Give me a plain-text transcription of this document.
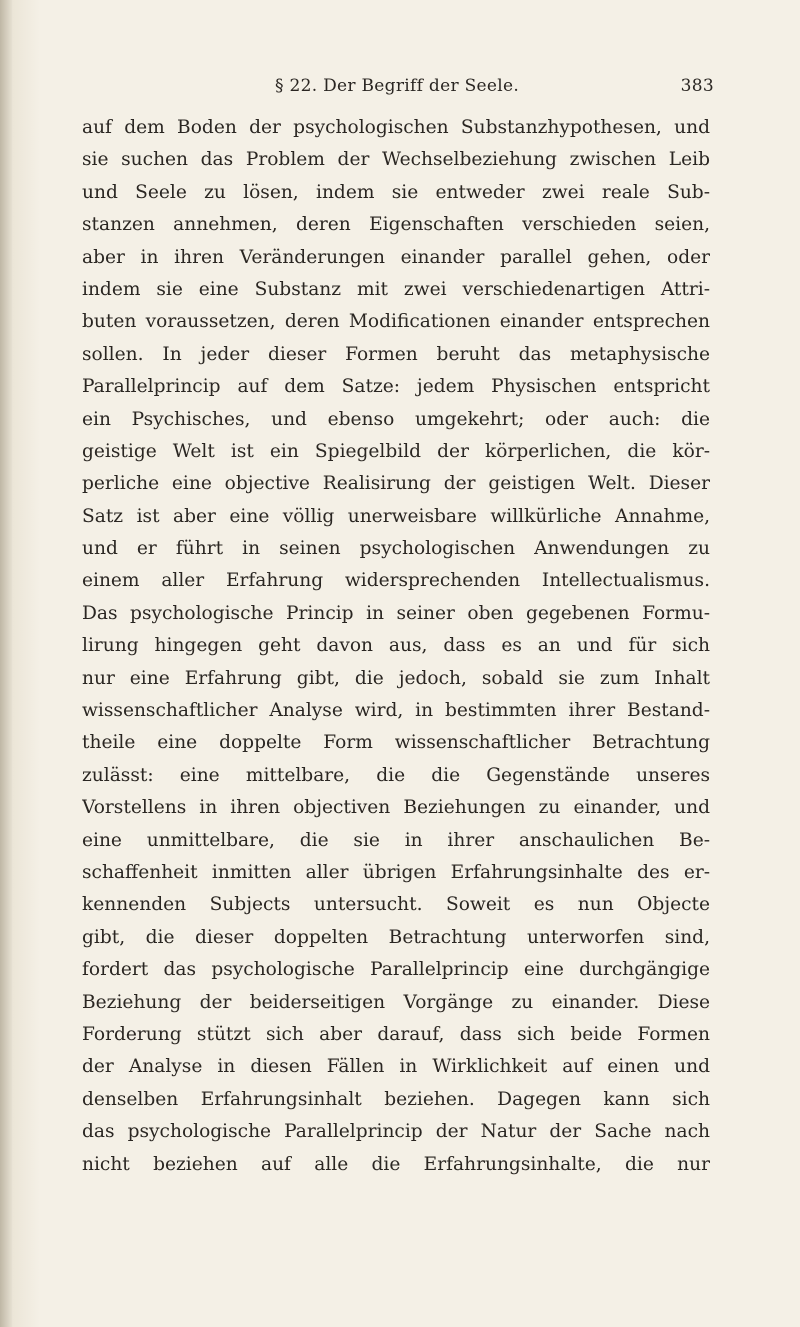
§ 22. Der Begriff der Seele.	383
auf dem Boden der psychologischen Substanzhypothesen, und
sie suchen das Problem der Wechselbeziehung zwischen Leib
und Seele zu lösen, indem sie entweder zwei reale Sub-
stanzen annehmen, deren Eigenschaften verschieden seien,
aber in ihren Veränderungen einander parallel gehen, oder
indem sie eine Substanz mit zwei verschiedenartigen Attri-
buten voraussetzen, deren Modificationen einander entsprechen
sollen. In jeder dieser Formen beruht das metaphysische
Parallelprincip auf dem Satze: jedem Physischen entspricht
ein Psychisches, und ebenso umgekehrt; oder auch: die
geistige Welt ist ein Spiegelbild der körperlichen, die kör-
perliche eine objective Realisirung der geistigen Welt. Dieser
Satz ist aber eine völlig unerweisbare willkürliche Annahme,
und er führt in seinen psychologischen Anwendungen zu
einem aller Erfahrung widersprechenden Intellectualismus.
Das psychologische Princip in seiner oben gegebenen Formu-
lirung hingegen geht davon aus, dass es an und für sich
nur eine Erfahrung gibt, die jedoch, sobald sie zum Inhalt
wissenschaftlicher Analyse wird, in bestimmten ihrer Bestand-
theile eine doppelte Form wissenschaftlicher Betrachtung
zulässt: eine mittelbare, die die Gegenstände unseres
Vorstellens in ihren objectiven Beziehungen zu einander, und
eine unmittelbare, die sie in ihrer anschaulichen Be-
schaffenheit inmitten aller übrigen Erfahrungsinhalte des er-
kennenden Subjects untersucht. Soweit es nun Objecte
gibt, die dieser doppelten Betrachtung unterworfen sind,
fordert das psychologische Parallelprincip eine durchgängige
Beziehung der beiderseitigen Vorgänge zu einander. Diese
Forderung stützt sich aber darauf, dass sich beide Formen
der Analyse in diesen Fällen in Wirklichkeit auf einen und
denselben Erfahrungsinhalt beziehen. Dagegen kann sich
das psychologische Parallelprincip der Natur der Sache nach
nicht beziehen auf alle die Erfahrungsinhalte, die nur
